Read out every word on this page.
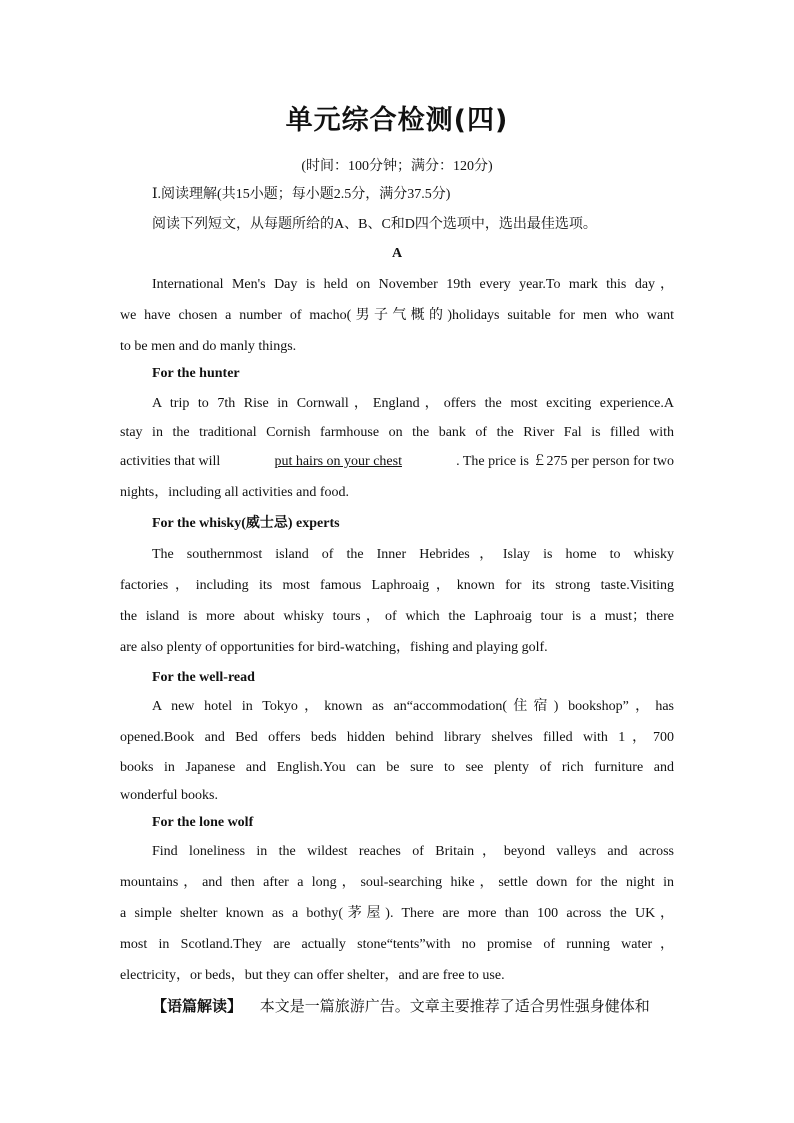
单元综合检测(四)
(时间：100分钟；满分：120分)
Ⅰ.阅读理解(共15小题；每小题2.5分，满分37.5分)
阅读下列短文，从每题所给的A、B、C和D四个选项中，选出最佳选项。
A
International Men's Day is held on November 19th every year.To mark this day，
we have chosen a number of macho(男子气概的)holidays suitable for men who want
to be men and do manly things.
For the hunter
A trip to 7th Rise in Cornwall，England，offers the most exciting experience.A
stay in the traditional Cornish farmhouse on the bank of the River Fal is filled with
activities that will	put hairs on your chest	. The price is ￡275 per person for two
nights，including all activities and food.
For the whisky(威士忌) experts
The southernmost island of the Inner Hebrides，Islay is home to whisky
factories，including its most famous Laphroaig，known for its strong taste.Visiting
the island is more about whisky tours，of which the Laphroaig tour is a must；there
are also plenty of opportunities for bird-watching，fishing and playing golf.
For the well-read
A new hotel in Tokyo，known as an“accommodation(住宿) bookshop”，has
opened.Book and Bed offers beds hidden behind library shelves filled with 1，700
books in Japanese and English.You can be sure to see plenty of rich furniture and
wonderful books.
For the lone wolf
Find loneliness in the wildest reaches of Britain，beyond valleys and across
mountains，and then after a long，soul-searching hike，settle down for the night in
a simple shelter known as a bothy(茅屋). There are more than 100 across the UK，
most in Scotland.They are actually stone“tents”with no promise of running water，
electricity，or beds，but they can offer shelter，and are free to use.
【语篇解读】 本文是一篇旅游广告。文章主要推荐了适合男性强身健体和
